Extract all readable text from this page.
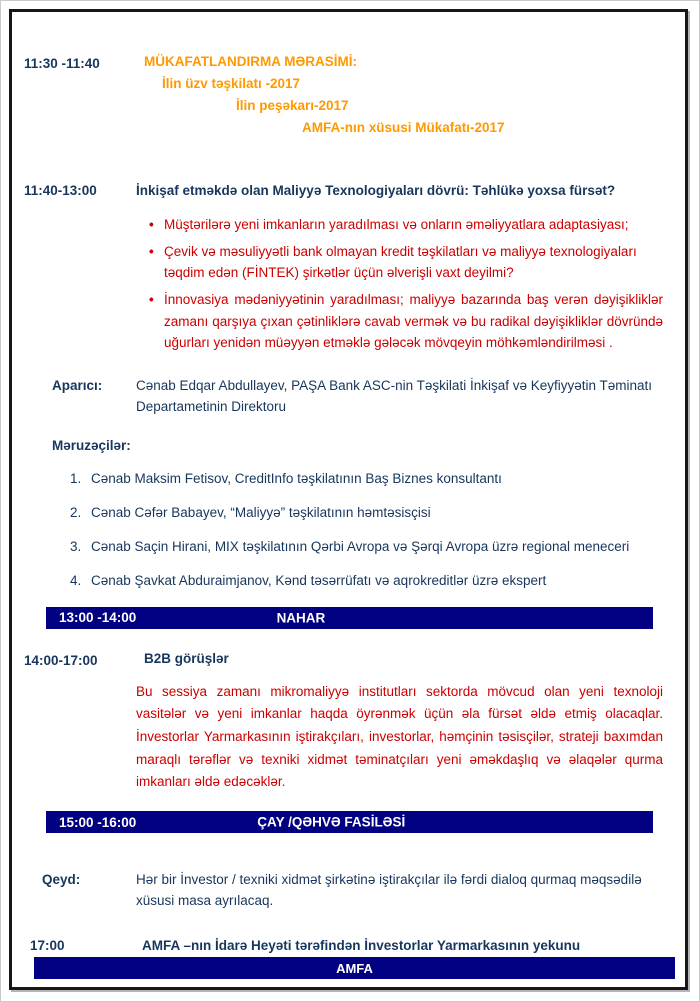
11:30 -11:40	MÜKAFATLANDIRMA MƏRASİMİ:
İlin üzv təşkilatı -2017
İlin peşəkarı-2017
AMFA-nın xüsusi Mükafatı-2017
11:40-13:00	İnkişaf etməkdə olan Maliyyə Texnologiyaları dövrü: Təhlükə yoxsa fürsət?
• Müştərilərə yeni imkanların yaradılması və onların əməliyyatlara adaptasiyası;
• Çevik və məsuliyyətli bank olmayan kredit təşkilatları və maliyyə texnologiyaları təqdim edən (FİNTEK) şirkətlər üçün əlverişli vaxt deyilmi?
• İnnovasiya mədəniyyətinin yaradılması; maliyyə bazarında baş verən dəyişikliklər zamanı qarşıya çıxan çətinliklərə cavab vermək və bu radikal dəyişikliklər dövründə uğurları yenidən müəyyən etməklə gələcək mövqeyin möhkəmləndirilməsi .
Aparıcı:	Cənab Edqar Abdullayev, PAŞA Bank ASC-nin Təşkilati İnkişaf və Keyfiyyətin Təminatı Departametinin Direktoru
Məruzəçilər:
1. Cənab Maksim Fetisov, CreditInfo təşkilatının Baş Biznes konsultantı
2. Cənab Cəfər Babayev, “Maliyyə” təşkilatının həmtəsisçisi
3. Cənab Saçin Hirani, MIX təşkilatının Qərbi Avropa və Şərqi Avropa üzrə regional meneceri
4. Cənab Şavkat Abduraimjanov, Kənd təsərrüfatı və aqrokreditlər üzrə ekspert
13:00 -14:00	NAHAR
14:00-17:00	B2B görüşlər
Bu sessiya zamanı mikromaliyyə institutları sektorda mövcud olan yeni texnoloji vasitələr və yeni imkanlar haqda öyrənmək üçün əla fürsət əldə etmiş olacaqlar. İnvestorlar Yarmarkasının iştirakçıları, investorlar, həmçinin təsisçilər, strateji baxımdan maraqlı tərəflər və texniki xidmət təminatçıları yeni əməkdaşlıq və əlaqələr qurma imkanları əldə edəcəklər.
15:00 -16:00	ÇAY /QƏHVƏ FASİLƏSİ
Qeyd:	Hər bir İnvestor / texniki xidmət şirkətinə iştirakçılar ilə fərdi dialoq qurmaq məqsədilə xüsusi masa ayrılacaq.
17:00	AMFA –nın İdarə Heyəti tərəfindən İnvestorlar Yarmarkasının yekunu
AMFA
